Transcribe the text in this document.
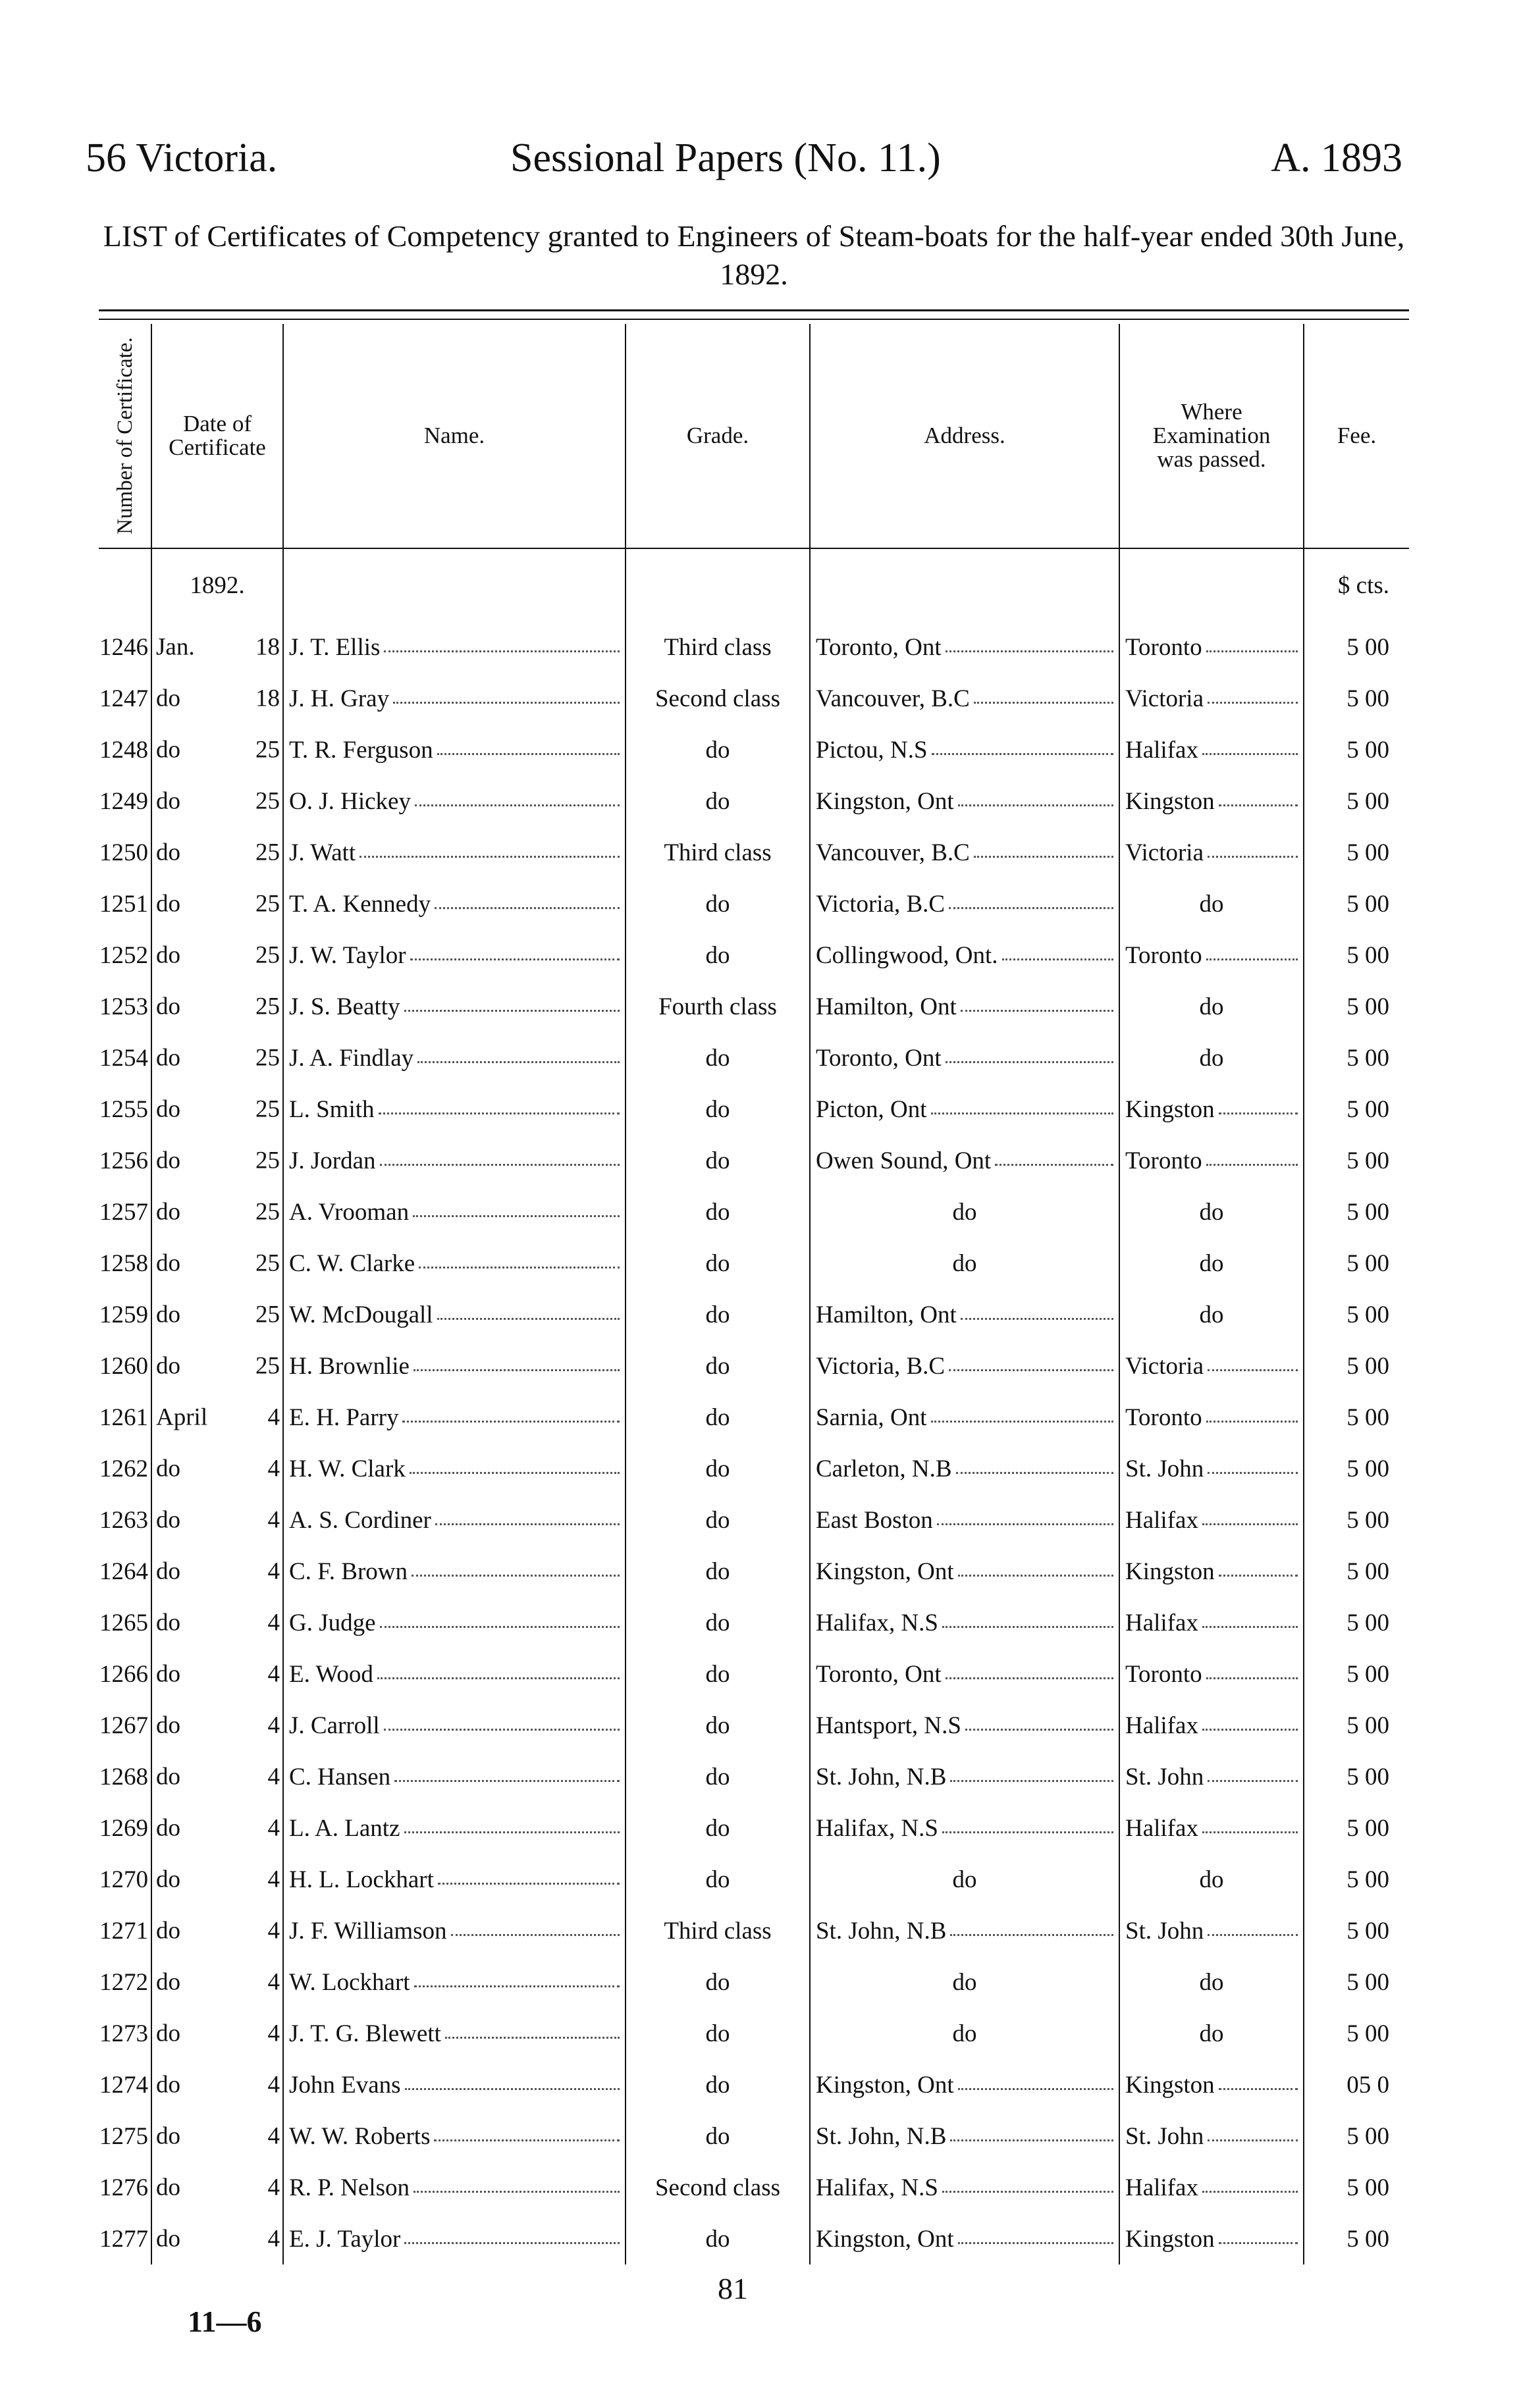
56 Victoria.	Sessional Papers (No. 11.)	A. 1893
LIST of Certificates of Competency granted to Engineers of Steam-boats for the half-year ended 30th June, 1892.
Number of Certificate.	Date of Certificate	Name.	Grade.	Address.	Where Examination was passed.	Fee.
	1892.					$ cts.
1246	Jan. 18	J. T. Ellis	Third class	Toronto, Ont	Toronto	5 00
1247	do 18	J. H. Gray	Second class	Vancouver, B.C	Victoria	5 00
1248	do 25	T. R. Ferguson	do	Pictou, N.S	Halifax	5 00
1249	do 25	O. J. Hickey	do	Kingston, Ont	Kingston	5 00
1250	do 25	J. Watt	Third class	Vancouver, B.C	Victoria	5 00
1251	do 25	T. A. Kennedy	do	Victoria, B.C	do	5 00
1252	do 25	J. W. Taylor	do	Collingwood, Ont.	Toronto	5 00
1253	do 25	J. S. Beatty	Fourth class	Hamilton, Ont	do	5 00
1254	do 25	J. A. Findlay	do	Toronto, Ont	do	5 00
1255	do 25	L. Smith	do	Picton, Ont	Kingston	5 00
1256	do 25	J. Jordan	do	Owen Sound, Ont	Toronto	5 00
1257	do 25	A. Vrooman	do	do	do	5 00
1258	do 25	C. W. Clarke	do	do	do	5 00
1259	do 25	W. McDougall	do	Hamilton, Ont	do	5 00
1260	do 25	H. Brownlie	do	Victoria, B.C	Victoria	5 00
1261	April 4	E. H. Parry	do	Sarnia, Ont	Toronto	5 00
1262	do 4	H. W. Clark	do	Carleton, N.B	St. John	5 00
1263	do 4	A. S. Cordiner	do	East Boston	Halifax	5 00
1264	do 4	C. F. Brown	do	Kingston, Ont	Kingston	5 00
1265	do 4	G. Judge	do	Halifax, N.S	Halifax	5 00
1266	do 4	E. Wood	do	Toronto, Ont	Toronto	5 00
1267	do 4	J. Carroll	do	Hantsport, N.S	Halifax	5 00
1268	do 4	C. Hansen	do	St. John, N.B	St. John	5 00
1269	do 4	L. A. Lantz	do	Halifax, N.S	Halifax	5 00
1270	do 4	H. L. Lockhart	do	do	do	5 00
1271	do 4	J. F. Williamson	Third class	St. John, N.B	St. John	5 00
1272	do 4	W. Lockhart	do	do	do	5 00
1273	do 4	J. T. G. Blewett	do	do	do	5 00
1274	do 4	John Evans	do	Kingston, Ont	Kingston	05 0
1275	do 4	W. W. Roberts	do	St. John, N.B	St. John	5 00
1276	do 4	R. P. Nelson	Second class	Halifax, N.S	Halifax	5 00
1277	do 4	E. J. Taylor	do	Kingston, Ont	Kingston	5 00
81
11—6
